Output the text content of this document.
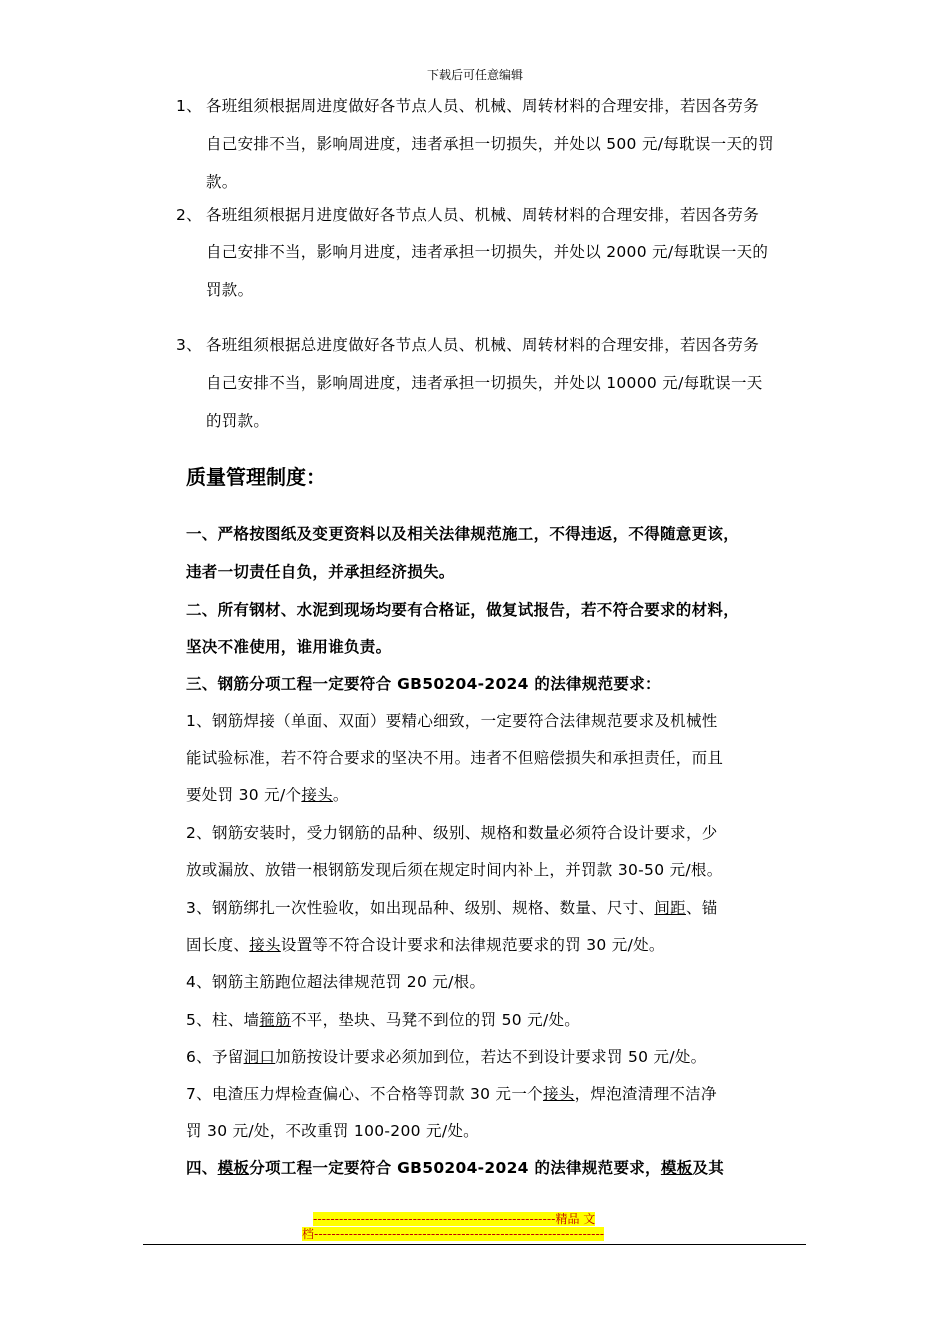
下载后可任意编辑
1、 各班组须根据周进度做好各节点人员、机械、周转材料的合理安排，若因各劳务
自己安排不当，影响周进度，违者承担一切损失，并处以 500 元/每耽误一天的罚
款。
2、 各班组须根据月进度做好各节点人员、机械、周转材料的合理安排，若因各劳务
自己安排不当，影响月进度，违者承担一切损失，并处以 2000 元/每耽误一天的
罚款。
3、 各班组须根据总进度做好各节点人员、机械、周转材料的合理安排，若因各劳务
自己安排不当，影响周进度，违者承担一切损失，并处以 10000 元/每耽误一天
的罚款。
质量管理制度：
一、严格按图纸及变更资料以及相关法律规范施工，不得违返，不得随意更该，
违者一切责任自负，并承担经济损失。
二、所有钢材、水泥到现场均要有合格证，做复试报告，若不符合要求的材料，
坚决不准使用，谁用谁负责。
三、钢筋分项工程一定要符合 GB50204-2024 的法律规范要求：
1、钢筋焊接（单面、双面）要精心细致，一定要符合法律规范要求及机械性
能试验标准，若不符合要求的坚决不用。违者不但赔偿损失和承担责任，而且
要处罚 30 元/个接头。
2、钢筋安装时，受力钢筋的品种、级别、规格和数量必须符合设计要求，少
放或漏放、放错一根钢筋发现后须在规定时间内补上，并罚款 30-50 元/根。
3、钢筋绑扎一次性验收，如出现品种、级别、规格、数量、尺寸、间距、锚
固长度、接头设置等不符合设计要求和法律规范要求的罚 30 元/处。
4、钢筋主筋跑位超法律规范罚 20 元/根。
5、柱、墙箍筋不平，垫块、马凳不到位的罚 50 元/处。
6、予留洞口加筋按设计要求必须加到位，若达不到设计要求罚 50 元/处。
7、电渣压力焊检查偏心、不合格等罚款 30 元一个接头，焊泡渣清理不洁净
罚 30 元/处，不改重罚 100-200 元/处。
四、模板分项工程一定要符合 GB50204-2024 的法律规范要求，模板及其
--------------------------------------------------------精品 文
档-------------------------------------------------------------------
